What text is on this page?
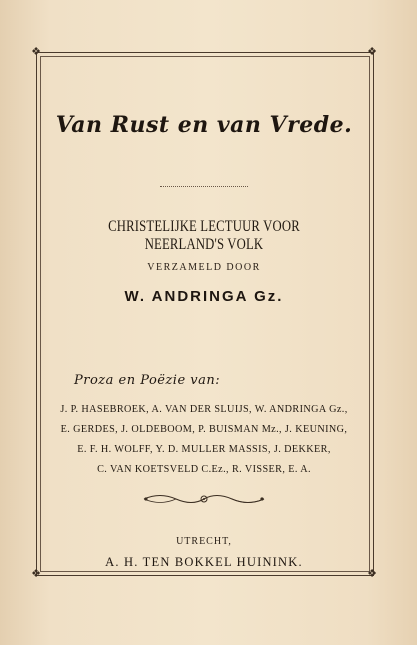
❖	❖
❖	❖
Van Rust en van Vrede.
CHRISTELIJKE LECTUUR VOOR NEERLAND'S VOLK
VERZAMELD DOOR
W. ANDRINGA Gz.
Proza en Poëzie van:
J. P. HASEBROEK, A. VAN DER SLUIJS, W. ANDRINGA Gz.,
E. GERDES, J. OLDEBOOM, P. BUISMAN Mz., J. KEUNING,
E. F. H. WOLFF, Y. D. MULLER MASSIS, J. DEKKER,
C. VAN KOETSVELD C.Ez., R. VISSER, E. A.
UTRECHT,
A. H. TEN BOKKEL HUININK.
